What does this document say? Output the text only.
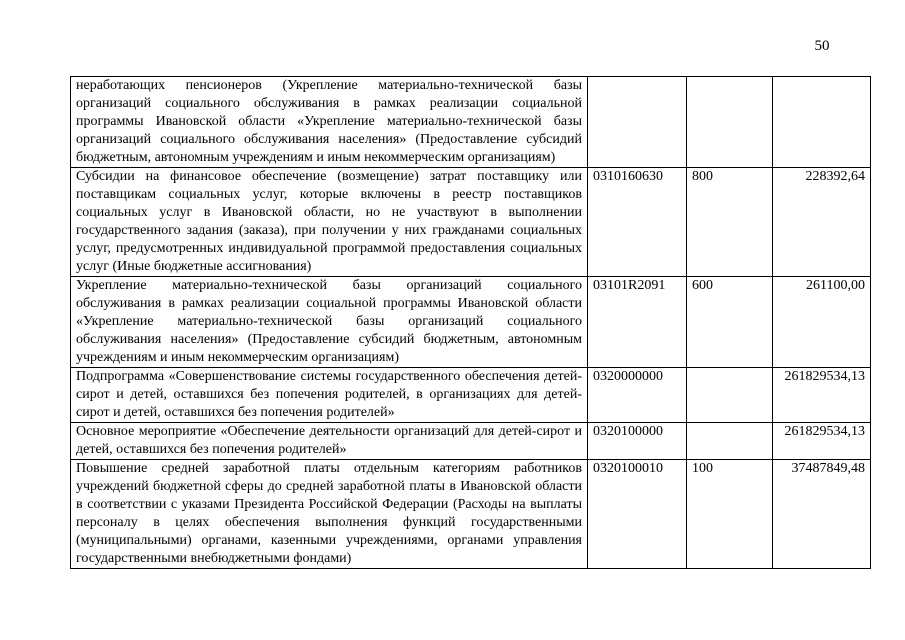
50
неработающих пенсионеров (Укрепление материально-технической базы организаций социального обслуживания в рамках реализации социальной программы Ивановской области «Укрепление материально-технической базы организаций социального обслуживания населения» (Предоставление субсидий бюджетным, автономным учреждениям и иным некоммерческим организациям)			
Субсидии на финансовое обеспечение (возмещение) затрат поставщику или поставщикам социальных услуг, которые включены в реестр поставщиков социальных услуг в Ивановской области, но не участвуют в выполнении государственного задания (заказа), при получении у них гражданами социальных услуг, предусмотренных индивидуальной программой предоставления социальных услуг (Иные бюджетные ассигнования)	0310160630	800	228392,64
Укрепление материально-технической базы организаций социального обслуживания в рамках реализации социальной программы Ивановской области «Укрепление материально-технической базы организаций социального обслуживания населения» (Предоставление субсидий бюджетным, автономным учреждениям и иным некоммерческим организациям)	03101R2091	600	261100,00
Подпрограмма «Совершенствование системы государственного обеспечения детей-сирот и детей, оставшихся без попечения родителей, в организациях для детей-сирот и детей, оставшихся без попечения родителей»	0320000000		261829534,13
Основное мероприятие «Обеспечение деятельности организаций для детей-сирот и детей, оставшихся без попечения родителей»	0320100000		261829534,13
Повышение средней заработной платы отдельным категориям работников учреждений бюджетной сферы до средней заработной платы в Ивановской области в соответствии с указами Президента Российской Федерации (Расходы на выплаты персоналу в целях обеспечения выполнения функций государственными (муниципальными) органами, казенными учреждениями, органами управления государственными внебюджетными фондами)	0320100010	100	37487849,48
